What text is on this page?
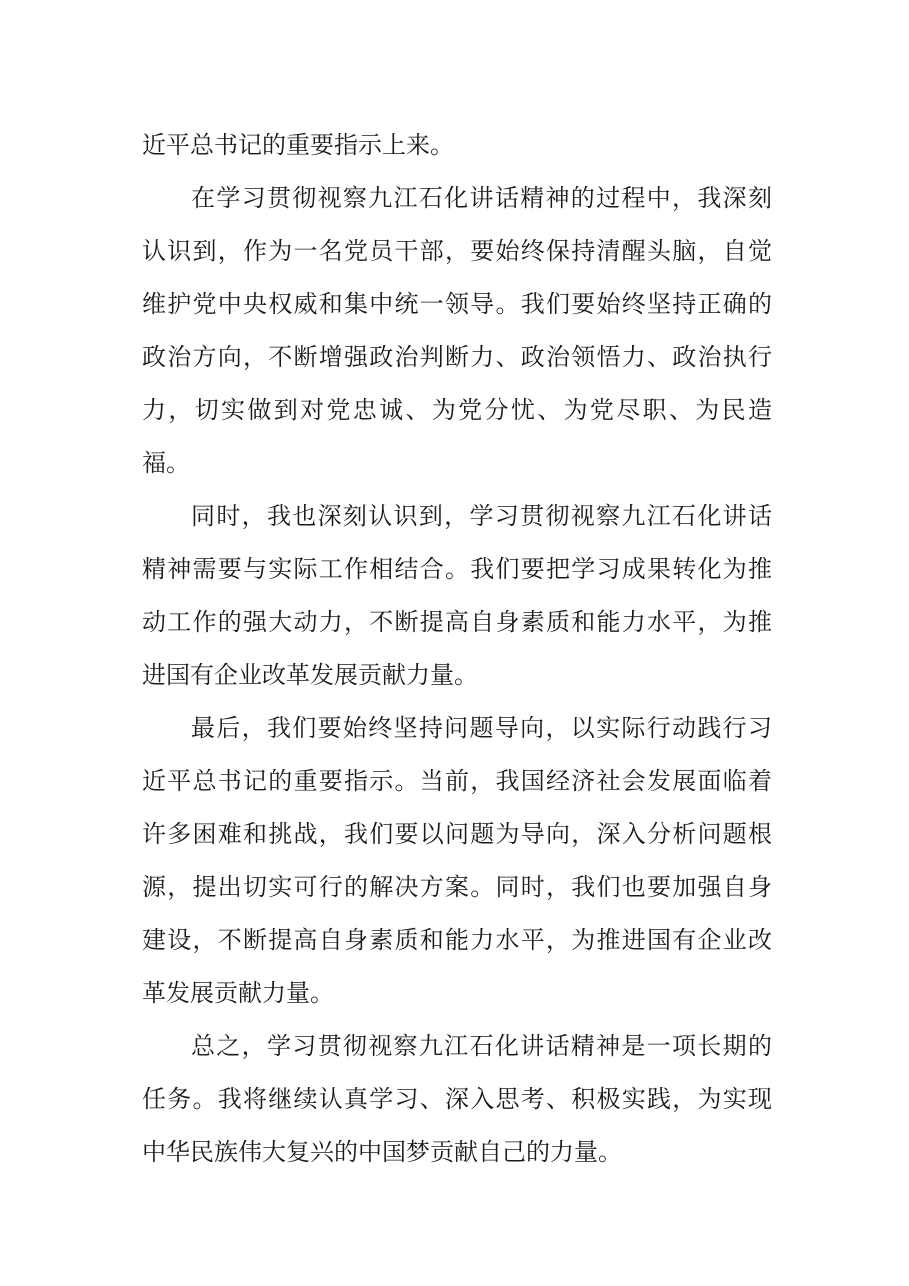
近平总书记的重要指示上来。
在学习贯彻视察九江石化讲话精神的过程中，我深刻
认识到，作为一名党员干部，要始终保持清醒头脑，自觉
维护党中央权威和集中统一领导。我们要始终坚持正确的
政治方向，不断增强政治判断力、政治领悟力、政治执行
力，切实做到对党忠诚、为党分忧、为党尽职、为民造
福。
同时，我也深刻认识到，学习贯彻视察九江石化讲话
精神需要与实际工作相结合。我们要把学习成果转化为推
动工作的强大动力，不断提高自身素质和能力水平，为推
进国有企业改革发展贡献力量。
最后，我们要始终坚持问题导向，以实际行动践行习
近平总书记的重要指示。当前，我国经济社会发展面临着
许多困难和挑战，我们要以问题为导向，深入分析问题根
源，提出切实可行的解决方案。同时，我们也要加强自身
建设，不断提高自身素质和能力水平，为推进国有企业改
革发展贡献力量。
总之，学习贯彻视察九江石化讲话精神是一项长期的
任务。我将继续认真学习、深入思考、积极实践，为实现
中华民族伟大复兴的中国梦贡献自己的力量。
